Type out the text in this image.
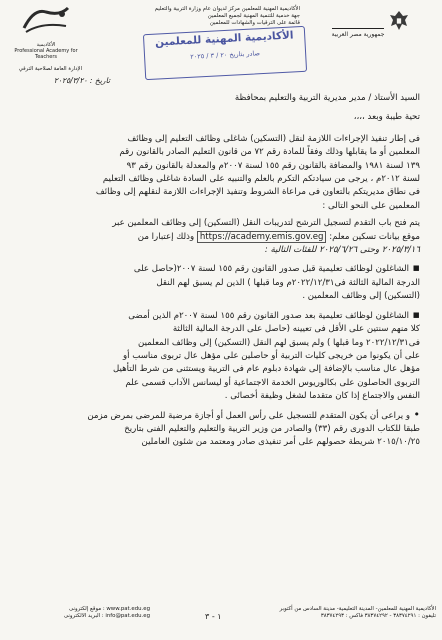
جمهورية مصر العربية
الأكاديمية المهنية للمعلمين مركز لديوان عام وزارة التربية والتعليم
جهة خدمية للتنمية المهنية لجميع المعلمين
قائمة على الترقيات والشهادات للمعلمين
الأكاديمية
Professional Academy for Teachers
الإدارة العامة لصلاحية الترقي
تاريخ : ٢٠٢٥/٣/٢٠
الأكاديمية المهنية للمعلمين
صادر بتاريخ ٢٠ / ٣ / ٢٠٢٥

السيد الأستاذ / مدير مديرية التربية والتعليم بمحافظة

تحية طيبة وبعد ،،،،

فى إطار تنفيذ الإجراءات اللازمة لنقل (التسكين) شاغلى وظائف التعليم إلى وظائف

المعلمين أو ما يقابلها وذلك وفقاً للمادة رقم ٧٢ من قانون التعليم الصادر بالقانون رقم

١٣٩ لسنة ١٩٨١ والمضافة بالقانون رقم ١٥٥ لسنة ٢٠٠٧م والمعدلة بالقانون رقم ٩٣

لسنة ٢٠١٢م ، يرجى من سيادتكم التكرم بالعلم والتنبيه على السادة شاغلى وظائف التعليم

فى نطاق مديريتكم بالتعاون فى مراعاة الشروط وتنفيذ الإجراءات اللازمة لنقلهم إلى وظائف

المعلمين على النحو التالى :

يتم فتح باب التقدم لتسجيل الترشح لتدريبات النقل (التسكين) إلى وظائف المعلمين عبر

موقع بيانات تسكين معلم: https://academy.emis.gov.eg وذلك إعتبارا من

٢٠٢٥/٣/١٦ وحتى ٢٠٢٥/٦/٢٦ للفئات التالية :

▪ الشاغلون لوظائف تعليمية قبل صدور القانون رقم ١٥٥ لسنة ٢٠٠٧(حاصل على

الدرجة المالية الثالثة فى٢٠٢٢/١٢/٣١م وما قبلها ) الذين لم يسبق لهم النقل

(التسكين) إلى وظائف المعلمين .

▪ الشاغلون لوظائف تعليمية بعد صدور القانون رقم ١٥٥ لسنة ٢٠٠٧م الذين أمضى

كلا منهم سنتين على الأقل فى تعيينه (حاصل على الدرجة المالية الثالثة

فى٢٠٢٢/١٢/٣١ وما قبلها ) ولم يسبق لهم النقل (التسكين) إلى وظائف المعلمين

على أن يكونوا من خريجى كليات التربية أو حاصلين على مؤهل عال تربوى مناسب أو

مؤهل عال مناسب بالإضافة إلى شهادة دبلوم عام فى التربية ويستثنى من شرط التأهيل

التربوى الحاصلون على بكالوريوس الخدمة الاجتماعية أو ليسانس الآداب قسمى علم

النفس والاجتماع إذا كان متقدما لشغل وظيفة أخصائى .

• و يراعى أن يكون المتقدم للتسجيل على رأس العمل أو أجازة مرضية للمرضى بمرض مزمن

طبقا للكتاب الدورى رقم (٣٣) والصادر من وزير التربية والتعليم والتعليم الفنى بتاريخ

٢٠١٥/١٠/٢٥ شريطة حصولهم على أمر تنفيذى صادر ومعتمد من شئون العاملين

موقع إلكترونى : www.pat.edu.eg
البريد الالكترونى : info@pat.edu.eg	١ - ٣
الأكاديمية المهنية للمعلمين- المدينة التعليمية- مدينة السادس من أكتوبر
تليفون : ٣٨٣٧٤٢٩١ - ٣٨٣٧٤٢٩٢ فاكس : ٣٨٣٧٤٢٩٣
